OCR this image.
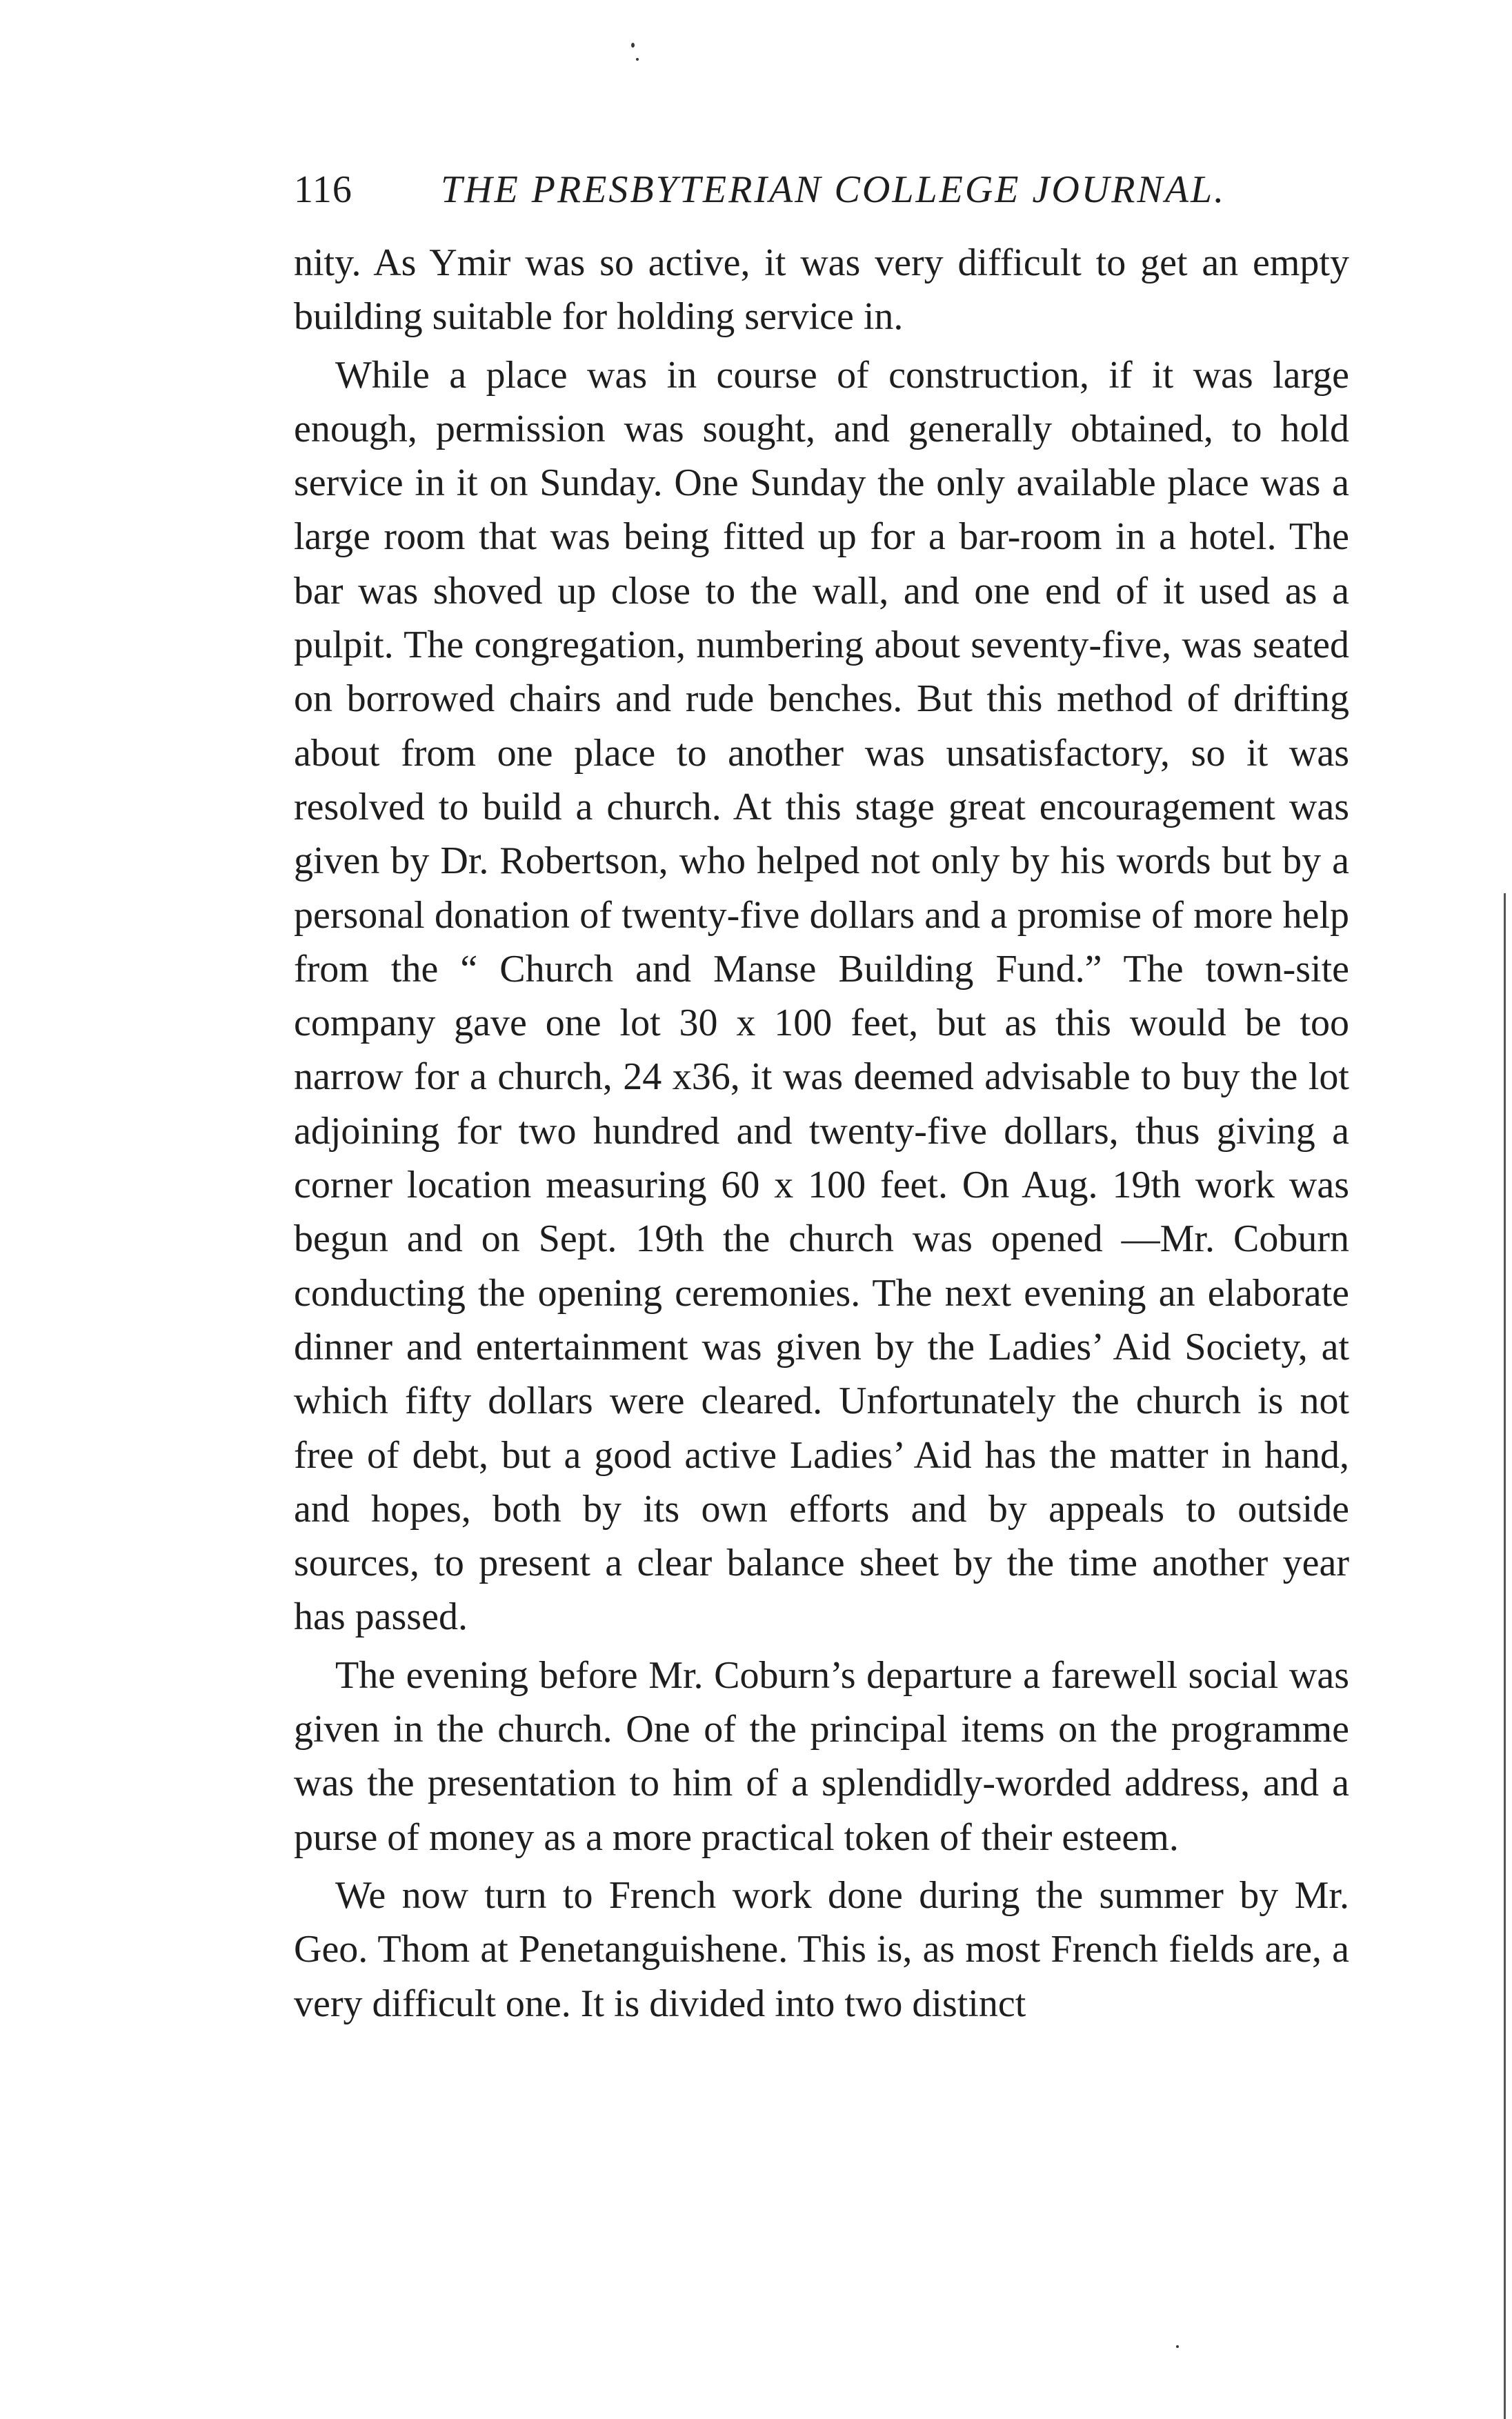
116 THE PRESBYTERIAN COLLEGE JOURNAL.

nity. As Ymir was so active, it was very difficult to get an empty building suitable for holding service in.

While a place was in course of construction, if it was large enough, permission was sought, and generally obtained, to hold service in it on Sunday. One Sunday the only available place was a large room that was being fitted up for a bar-room in a hotel. The bar was shoved up close to the wall, and one end of it used as a pulpit. The congregation, numbering about seventy-five, was seated on borrowed chairs and rude benches. But this method of drifting about from one place to another was unsatisfactory, so it was resolved to build a church. At this stage great encouragement was given by Dr. Robertson, who helped not only by his words but by a personal donation of twenty-five dollars and a promise of more help from the “ Church and Manse Building Fund.” The town-site company gave one lot 30 x 100 feet, but as this would be too narrow for a church, 24 x36, it was deemed advisable to buy the lot adjoining for two hundred and twenty-five dollars, thus giving a corner location measuring 60 x 100 feet. On Aug. 19th work was begun and on Sept. 19th the church was opened —Mr. Coburn conducting the opening ceremonies. The next evening an elaborate dinner and entertainment was given by the Ladies’ Aid Society, at which fifty dollars were cleared. Unfortunately the church is not free of debt, but a good active Ladies’ Aid has the matter in hand, and hopes, both by its own efforts and by appeals to outside sources, to present a clear balance sheet by the time another year has passed.

The evening before Mr. Coburn’s departure a farewell social was given in the church. One of the principal items on the programme was the presentation to him of a splendidly-worded address, and a purse of money as a more practical token of their esteem.

We now turn to French work done during the summer by Mr. Geo. Thom at Penetanguishene. This is, as most French fields are, a very difficult one. It is divided into two distinct
